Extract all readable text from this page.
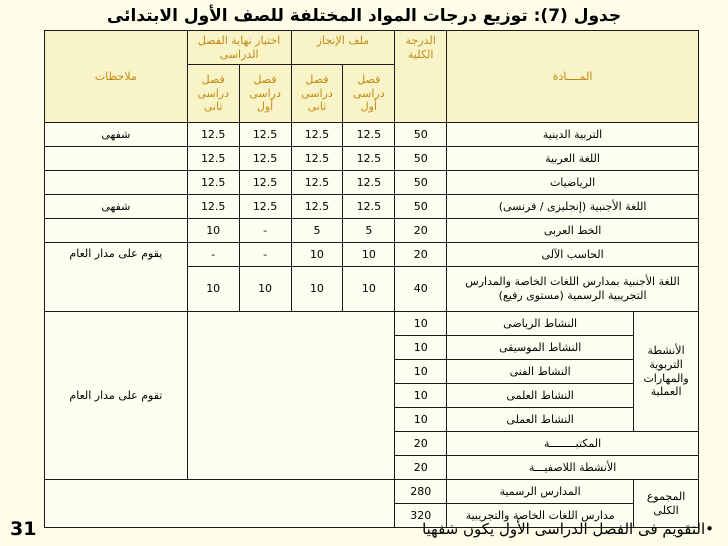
جدول (7): توزيع درجات المواد المختلفة للصف الأول الابتدائى
المــــادة		الدرجة الكلية	ملف الإنجاز		اختبار نهاية الفصل الدراسى		ملاحظات
			فصل دراسى أول	فصل دراسى ثانى	فصل دراسى أول	فصل دراسى ثانى	
التربية الدينية		50	12.5	12.5	12.5	12.5	شفهى
اللغة العربية		50	12.5	12.5	12.5	12.5	
الرياضيات		50	12.5	12.5	12.5	12.5	
اللغة الأجنبية (إنجليزى / فرنسى)		50	12.5	12.5	12.5	12.5	شفهى
الخط العربى		20	5	5	-	10	
الحاسب الآلى		20	10	10	-	-	يقوم على مدار العام
اللغة الأجنبية بمدارس اللغات الخاصة والمدارس التجريبية الرسمية (مستوى رفيع)		40	10	10	10	10	
الأنشطة التربوية والمهارات العملية	النشاط الرياضى	10					تقوم على مدار العام
	النشاط الموسيقى	10					
	النشاط الفنى	10					
	النشاط العلمى	10					
	النشاط العملى	10					
المكتبــــــــة		20					
الأنشطة اللاصفيـــة		20					
المجموع الكلى	المدارس الرسمية	280					
	مدارس اللغات الخاصة والتجريبية	320					
•التقويم فى الفصل الدراسى الأول يكون شفهيا
31
